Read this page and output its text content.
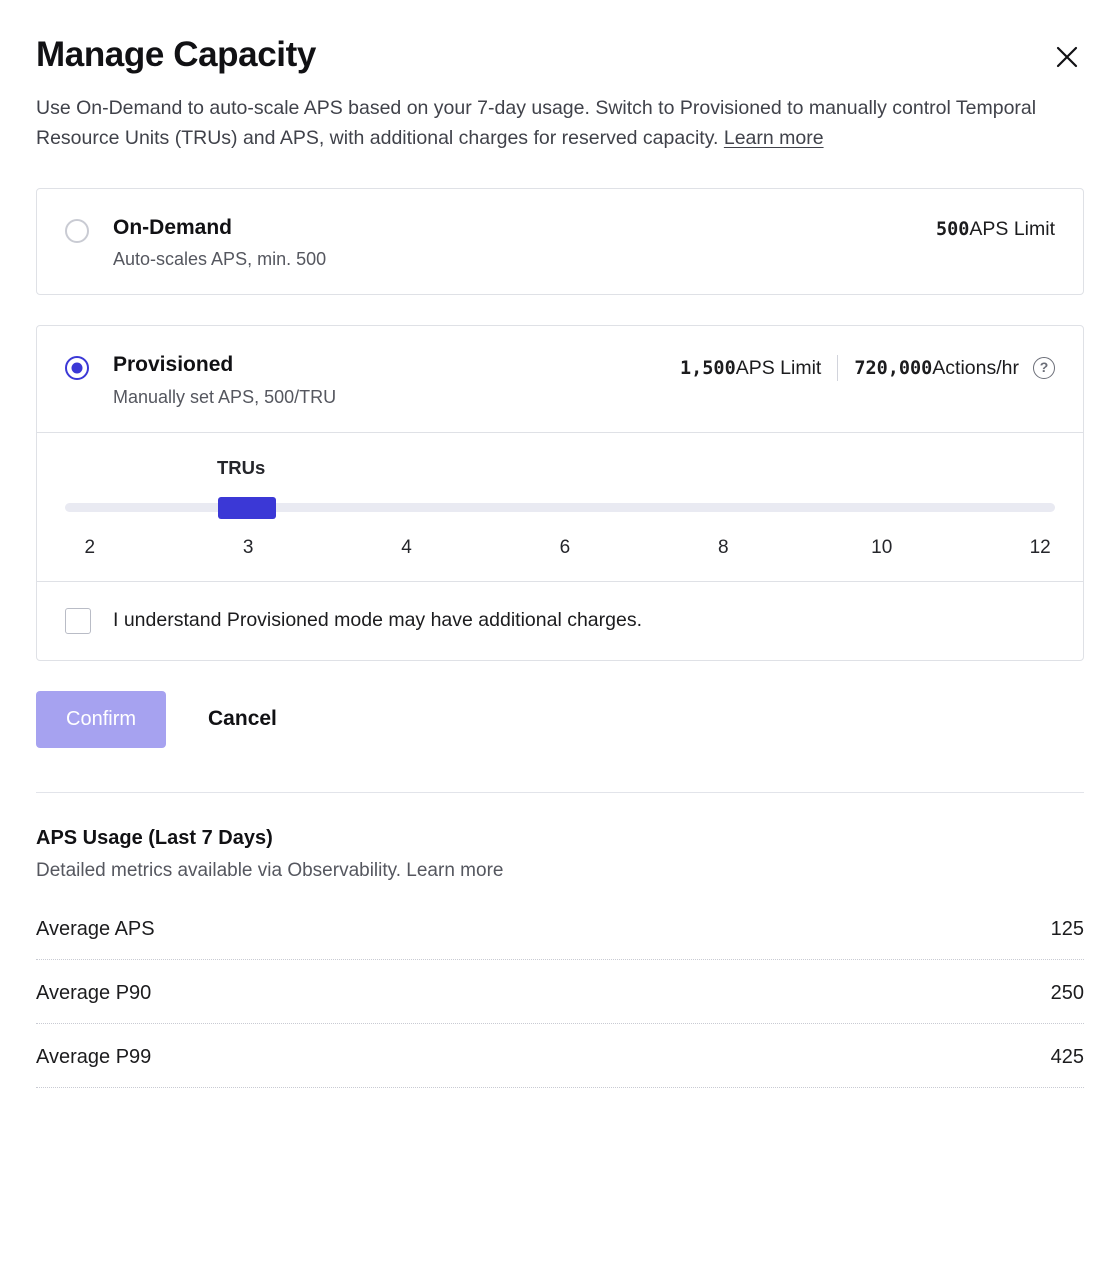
Manage Capacity

Use On-Demand to auto-scale APS based on your 7-day usage. Switch to Provisioned to manually control Temporal Resource Units (TRUs) and APS, with additional charges for reserved capacity. Learn more

On-Demand
Auto-scales APS, min. 500
500 APS Limit
Provisioned
Manually set APS, 500/TRU
1,500 APS Limit 720,000 Actions/hr	?
TRUs
2	3	4	6	8	10	12
I understand Provisioned mode may have additional charges.
Confirm	Cancel
APS Usage (Last 7 Days)
Detailed metrics available via Observability. Learn more
Average APS	125
Average P90	250
Average P99	425
